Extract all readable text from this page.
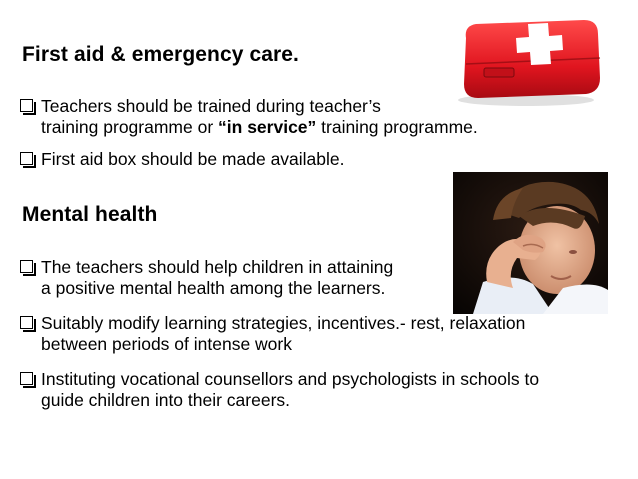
First aid & emergency care.
Teachers should be trained during teacher’s
training programme or “in service” training programme.
First aid box should be made available.
Mental health
The teachers should help children in attaining
a positive mental health among the learners.
Suitably modify learning strategies, incentives.- rest, relaxation
between periods of intense work
Instituting vocational counsellors and psychologists in schools to
guide children into their careers.
